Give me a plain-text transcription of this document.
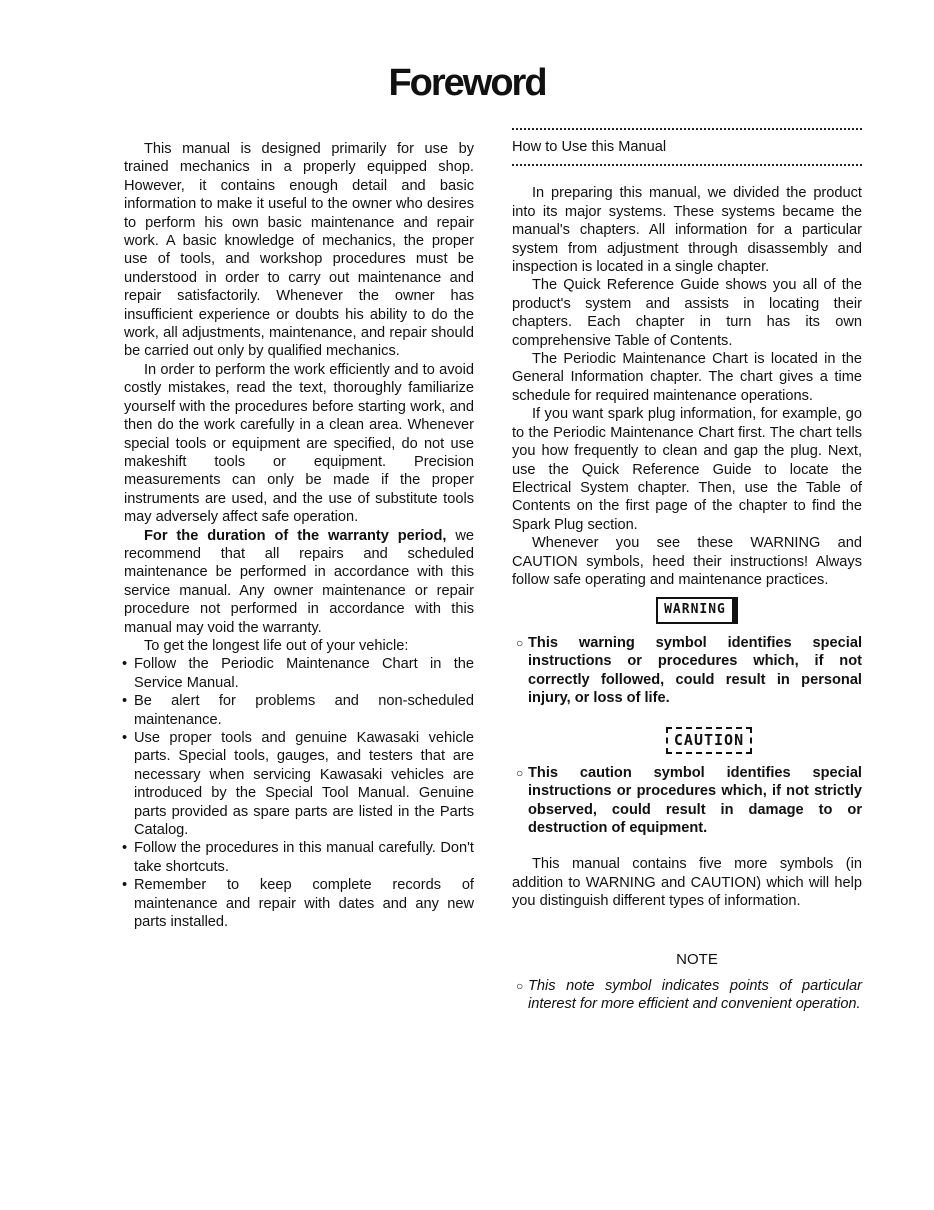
Foreword

This manual is designed primarily for use by trained mechanics in a properly equipped shop. However, it contains enough detail and basic information to make it useful to the owner who desires to perform his own basic maintenance and repair work. A basic knowledge of mechanics, the proper use of tools, and workshop procedures must be understood in order to carry out maintenance and repair satisfactorily. Whenever the owner has insufficient experience or doubts his ability to do the work, all adjustments, maintenance, and repair should be carried out only by qualified mechanics.

In order to perform the work efficiently and to avoid costly mistakes, read the text, thoroughly familiarize yourself with the procedures before starting work, and then do the work carefully in a clean area. Whenever special tools or equipment are specified, do not use makeshift tools or equipment. Precision measurements can only be made if the proper instruments are used, and the use of substitute tools may adversely affect safe operation.

For the duration of the warranty period, we recommend that all repairs and scheduled maintenance be performed in accordance with this service manual. Any owner maintenance or repair procedure not performed in accordance with this manual may void the warranty.

To get the longest life out of your vehicle:

• Follow the Periodic Maintenance Chart in the Service Manual.
• Be alert for problems and non-scheduled maintenance.
• Use proper tools and genuine Kawasaki vehicle parts. Special tools, gauges, and testers that are necessary when servicing Kawasaki vehicles are introduced by the Special Tool Manual. Genuine parts provided as spare parts are listed in the Parts Catalog.
• Follow the procedures in this manual carefully. Don't take shortcuts.
• Remember to keep complete records of maintenance and repair with dates and any new parts installed.
How to Use this Manual

In preparing this manual, we divided the product into its major systems. These systems became the manual's chapters. All information for a particular system from adjustment through disassembly and inspection is located in a single chapter.

The Quick Reference Guide shows you all of the product's system and assists in locating their chapters. Each chapter in turn has its own comprehensive Table of Contents.

The Periodic Maintenance Chart is located in the General Information chapter. The chart gives a time schedule for required maintenance operations.

If you want spark plug information, for example, go to the Periodic Maintenance Chart first. The chart tells you how frequently to clean and gap the plug. Next, use the Quick Reference Guide to locate the Electrical System chapter. Then, use the Table of Contents on the first page of the chapter to find the Spark Plug section.

Whenever you see these WARNING and CAUTION symbols, heed their instructions! Always follow safe operating and maintenance practices.

WARNING
○ This warning symbol identifies special instructions or procedures which, if not correctly followed, could result in personal injury, or loss of life.
CAUTION
○ This caution symbol identifies special instructions or procedures which, if not strictly observed, could result in damage to or destruction of equipment.

This manual contains five more symbols (in addition to WARNING and CAUTION) which will help you distinguish different types of information.

NOTE
○ This note symbol indicates points of particular interest for more efficient and convenient operation.
